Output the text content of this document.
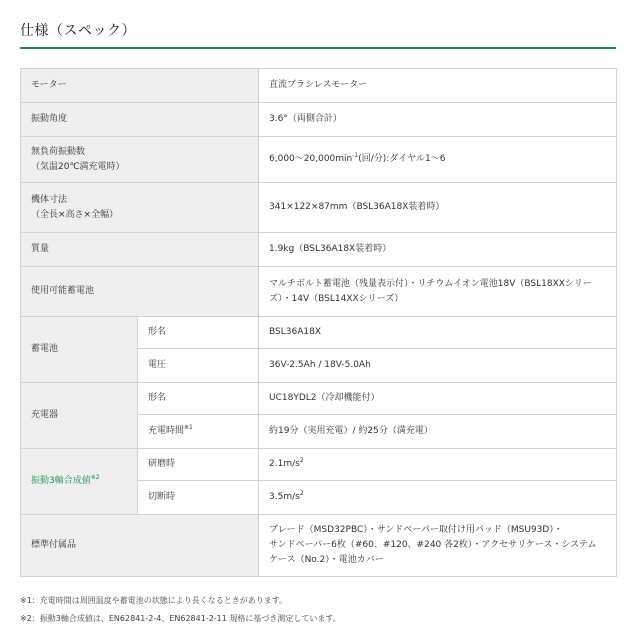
仕様（スペック）
モーター		直流ブラシレスモーター
振動角度		3.6°（両側合計）

無負荷振動数
（気温20℃満充電時）		$6,000\sim 20,000\min^{-1}$(回/分):ダイヤル1～6

機体寸法
（全長×高さ×全幅）		341×122×87mm（BSL36A18X装着時）
質量		1.9kg（BSL36A18X装着時）
使用可能蓄電池		マルチボルト蓄電池（残量表示付）・リチウムイオン電池18V（BSL18XXシリー
ズ）・14V（BSL14XXシリーズ）

蓄電池	形名	BSL36A18X
	電圧	36V-2.5Ah / 18V-5.0Ah
充電器	形名	UC18YDL2（冷却機能付）
	充電時間$^{※1}$	約19分（実用充電）/ 約25分（満充電）
振動3軸合成値$^{※2}$	研磨時	$2.1m/s^2$
	切断時	$3.5m/s^2$
標準付属品		ブレード（MSD32PBC）・サンドペーパー取付け用パッド（MSU93D）・
サンドペーパー6枚（#60、#120、#240 各2枚）・アクセサリケース・システム
ケース（No.2）・電池カバー
※1：充電時間は周囲温度や蓄電池の状態により長くなるときがあります。
※2：振動3軸合成値は、EN62841-2-4、EN62841-2-11 規格に基づき測定しています。
